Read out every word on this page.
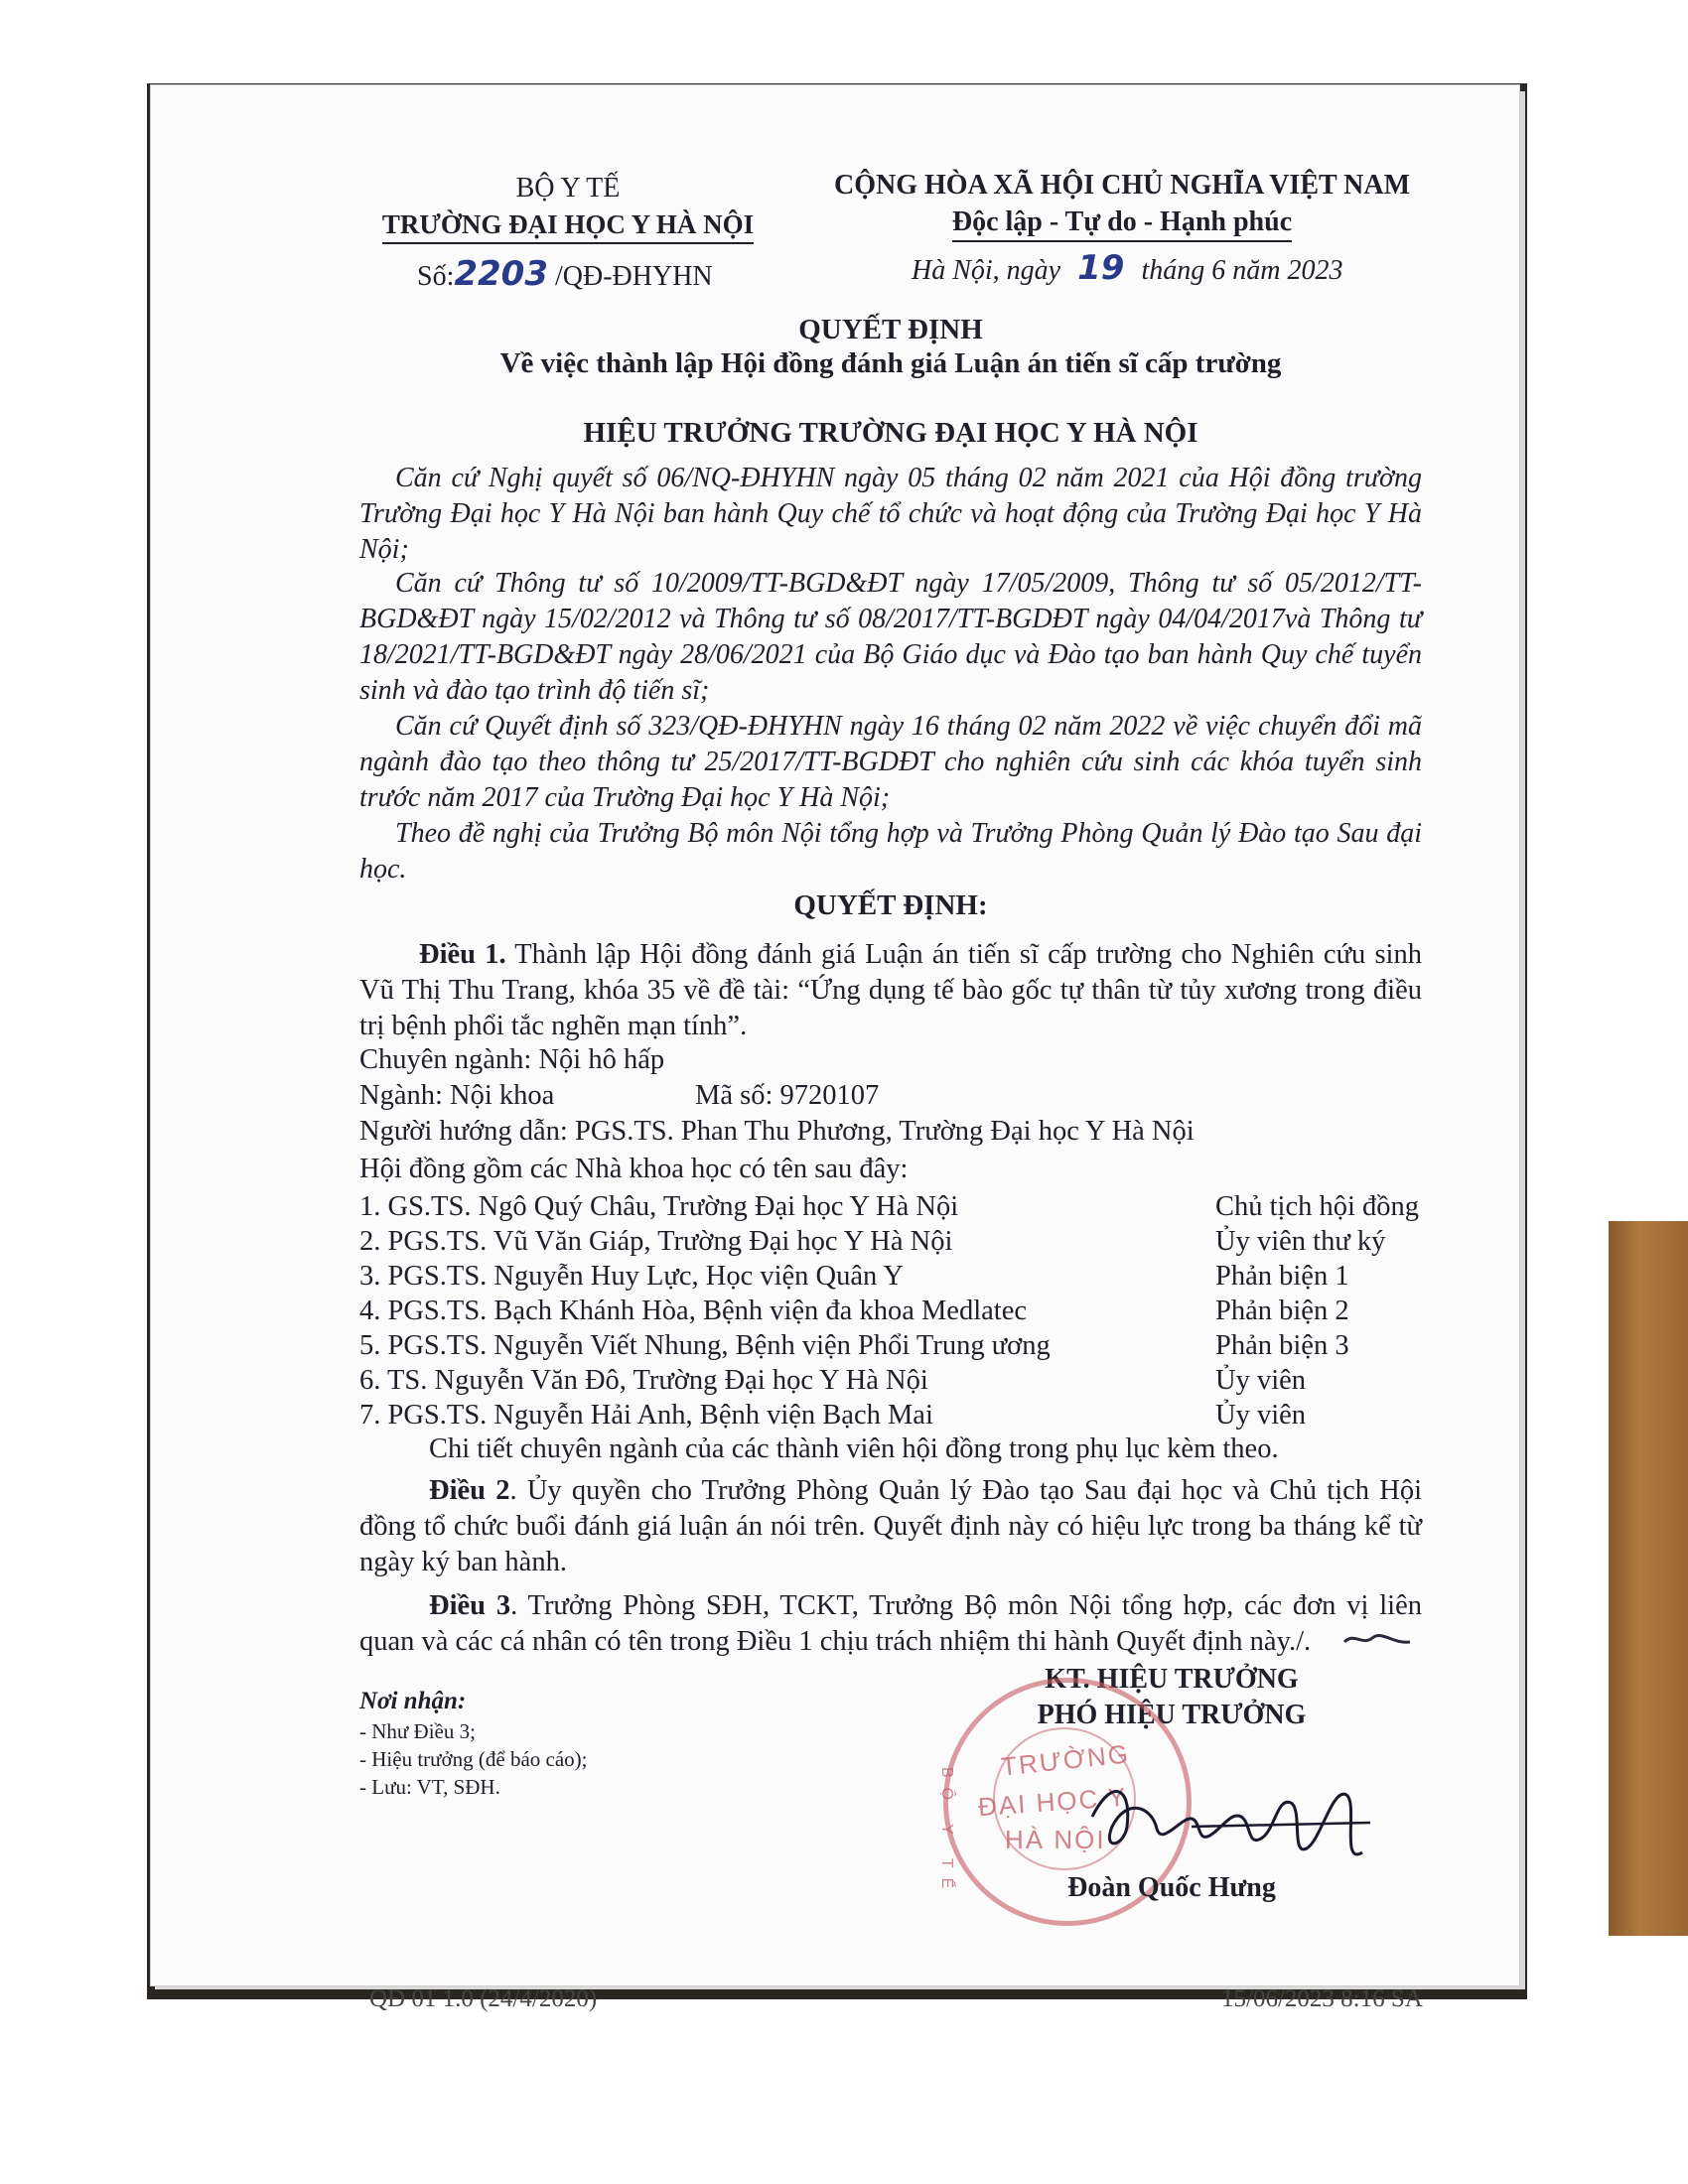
BỘ Y TẾ
TRƯỜNG ĐẠI HỌC Y HÀ NỘI
Số:2203 /QĐ-ĐHYHN
CỘNG HÒA XÃ HỘI CHỦ NGHĨA VIỆT NAM
Độc lập - Tự do - Hạnh phúc
Hà Nội, ngày 19 tháng 6 năm 2023
QUYẾT ĐỊNH
Về việc thành lập Hội đồng đánh giá Luận án tiến sĩ cấp trường
HIỆU TRƯỞNG TRƯỜNG ĐẠI HỌC Y HÀ NỘI
Căn cứ Nghị quyết số 06/NQ-ĐHYHN ngày 05 tháng 02 năm 2021 của Hội đồng trường Trường Đại học Y Hà Nội ban hành Quy chế tổ chức và hoạt động của Trường Đại học Y Hà Nội;
Căn cứ Thông tư số 10/2009/TT-BGD&ĐT ngày 17/05/2009, Thông tư số 05/2012/TT-BGD&ĐT ngày 15/02/2012 và Thông tư số 08/2017/TT-BGDĐT ngày 04/04/2017và Thông tư 18/2021/TT-BGD&ĐT ngày 28/06/2021 của Bộ Giáo dục và Đào tạo ban hành Quy chế tuyển sinh và đào tạo trình độ tiến sĩ;
Căn cứ Quyết định số 323/QĐ-ĐHYHN ngày 16 tháng 02 năm 2022 về việc chuyển đổi mã ngành đào tạo theo thông tư 25/2017/TT-BGDĐT cho nghiên cứu sinh các khóa tuyển sinh trước năm 2017 của Trường Đại học Y Hà Nội;
Theo đề nghị của Trưởng Bộ môn Nội tổng hợp và Trưởng Phòng Quản lý Đào tạo Sau đại học.
QUYẾT ĐỊNH:
Điều 1. Thành lập Hội đồng đánh giá Luận án tiến sĩ cấp trường cho Nghiên cứu sinh Vũ Thị Thu Trang, khóa 35 về đề tài: “Ứng dụng tế bào gốc tự thân từ tủy xương trong điều trị bệnh phổi tắc nghẽn mạn tính”.
Chuyên ngành: Nội hô hấp
Ngành: Nội khoa	Mã số: 9720107
Người hướng dẫn: PGS.TS. Phan Thu Phương, Trường Đại học Y Hà Nội
Hội đồng gồm các Nhà khoa học có tên sau đây:
1. GS.TS. Ngô Quý Châu, Trường Đại học Y Hà Nội	Chủ tịch hội đồng
2. PGS.TS. Vũ Văn Giáp, Trường Đại học Y Hà Nội	Ủy viên thư ký
3. PGS.TS. Nguyễn Huy Lực, Học viện Quân Y	Phản biện 1
4. PGS.TS. Bạch Khánh Hòa, Bệnh viện đa khoa Medlatec	Phản biện 2
5. PGS.TS. Nguyễn Viết Nhung, Bệnh viện Phổi Trung ương	Phản biện 3
6. TS. Nguyễn Văn Đô, Trường Đại học Y Hà Nội	Ủy viên
7. PGS.TS. Nguyễn Hải Anh, Bệnh viện Bạch Mai	Ủy viên
Chi tiết chuyên ngành của các thành viên hội đồng trong phụ lục kèm theo.
Điều 2. Ủy quyền cho Trưởng Phòng Quản lý Đào tạo Sau đại học và Chủ tịch Hội đồng tổ chức buổi đánh giá luận án nói trên. Quyết định này có hiệu lực trong ba tháng kể từ ngày ký ban hành.
Điều 3. Trưởng Phòng SĐH, TCKT, Trưởng Bộ môn Nội tổng hợp, các đơn vị liên quan và các cá nhân có tên trong Điều 1 chịu trách nhiệm thi hành Quyết định này./.
Nơi nhận:
- Như Điều 3;
- Hiệu trưởng (để báo cáo);
- Lưu: VT, SĐH.
KT. HIỆU TRƯỞNG
PHÓ HIỆU TRƯỞNG
TRƯỜNG
ĐẠI HỌC Y
HÀ NỘI
BỘ Y TẾ	Đoàn Quốc Hưng
QĐ 01 1.0 (24/4/2020)	15/06/2023 8:16 SA
